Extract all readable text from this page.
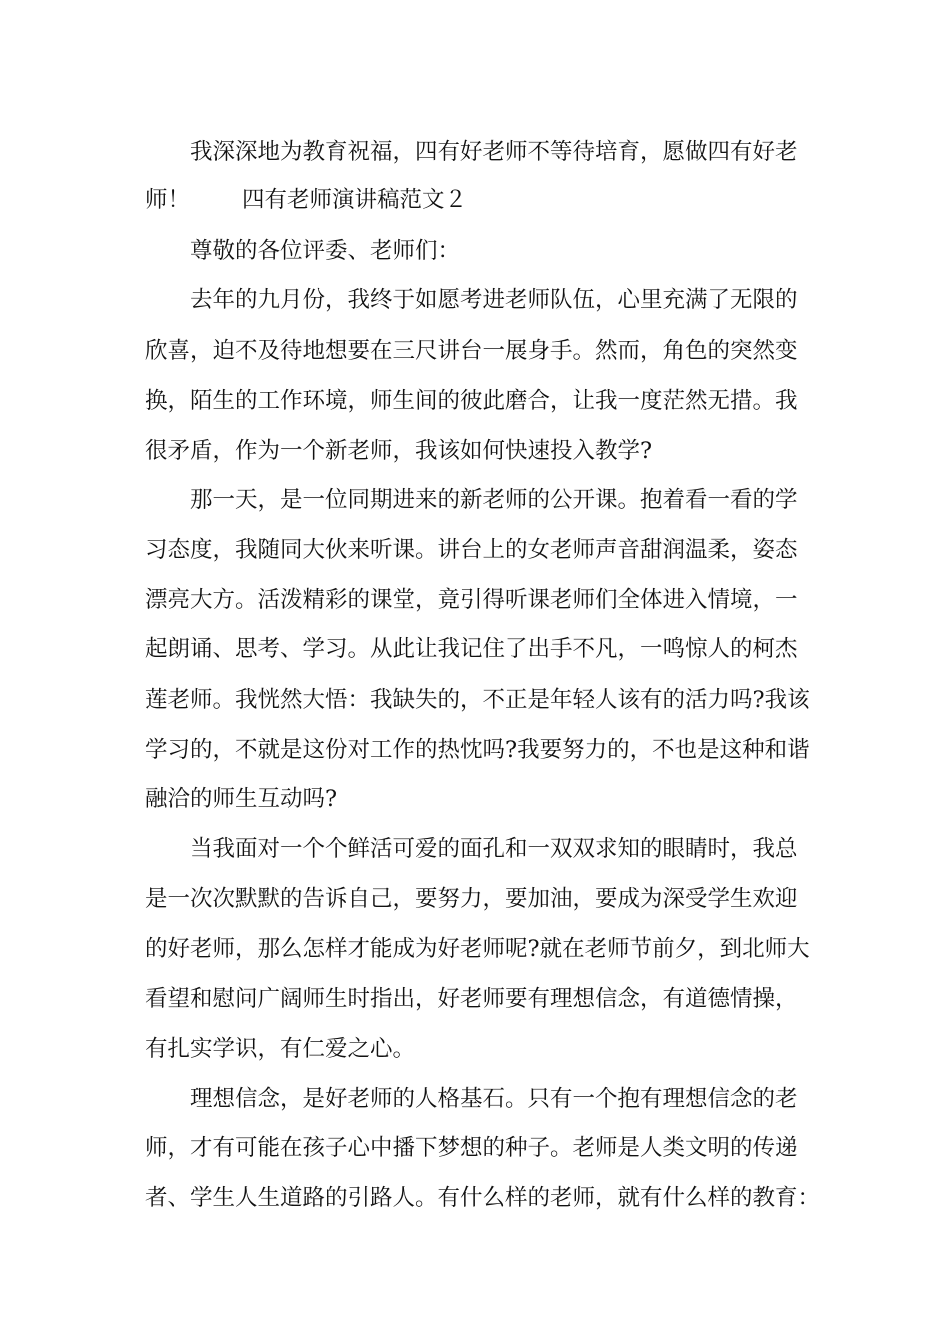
我深深地为教育祝福，四有好老师不等待培育，愿做四有好老
师！ 四有老师演讲稿范文２
尊敬的各位评委、老师们：
去年的九月份，我终于如愿考进老师队伍，心里充满了无限的
欣喜，迫不及待地想要在三尺讲台一展身手。然而，角色的突然变
换，陌生的工作环境，师生间的彼此磨合，让我一度茫然无措。我
很矛盾，作为一个新老师，我该如何快速投入教学?
那一天，是一位同期进来的新老师的公开课。抱着看一看的学
习态度，我随同大伙来听课。讲台上的女老师声音甜润温柔，姿态
漂亮大方。活泼精彩的课堂，竟引得听课老师们全体进入情境，一
起朗诵、思考、学习。从此让我记住了出手不凡，一鸣惊人的柯杰
莲老师。我恍然大悟：我缺失的，不正是年轻人该有的活力吗?我该
学习的，不就是这份对工作的热忱吗?我要努力的，不也是这种和谐
融洽的师生互动吗?
当我面对一个个鲜活可爱的面孔和一双双求知的眼睛时，我总
是一次次默默的告诉自己，要努力，要加油，要成为深受学生欢迎
的好老师，那么怎样才能成为好老师呢?就在老师节前夕，到北师大
看望和慰问广阔师生时指出，好老师要有理想信念，有道德情操，
有扎实学识，有仁爱之心。
理想信念，是好老师的人格基石。只有一个抱有理想信念的老
师，才有可能在孩子心中播下梦想的种子。老师是人类文明的传递
者、学生人生道路的引路人。有什么样的老师，就有什么样的教育：
